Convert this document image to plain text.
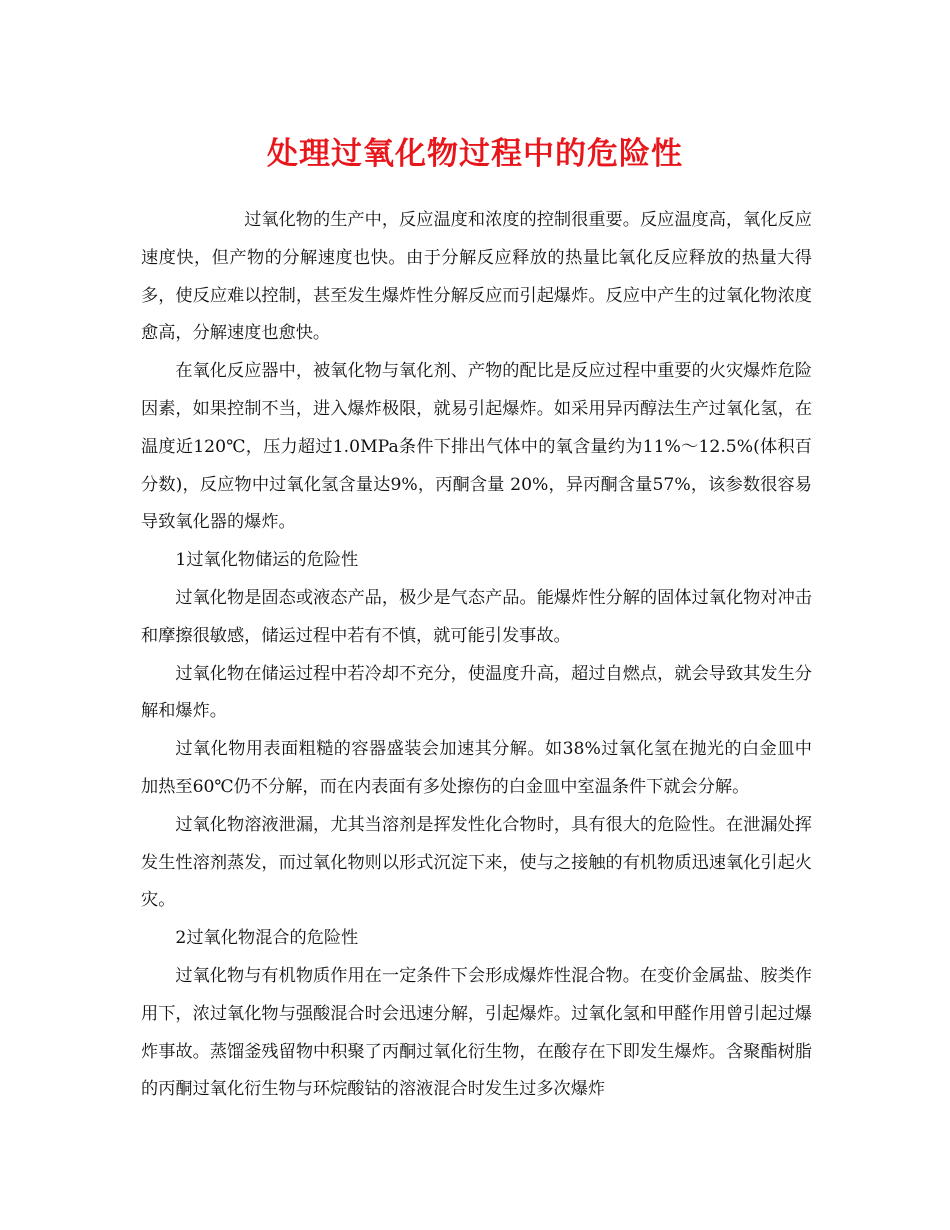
处理过氧化物过程中的危险性

过氧化物的生产中，反应温度和浓度的控制很重要。反应温度高，氧化反应速度快，但产物的分解速度也快。由于分解反应释放的热量比氧化反应释放的热量大得多，使反应难以控制，甚至发生爆炸性分解反应而引起爆炸。反应中产生的过氧化物浓度愈高，分解速度也愈快。

在氧化反应器中，被氧化物与氧化剂、产物的配比是反应过程中重要的火灾爆炸危险因素，如果控制不当，进入爆炸极限，就易引起爆炸。如采用异丙醇法生产过氧化氢，在温度近120℃，压力超过1.0MPa条件下排出气体中的氧含量约为11%～12.5%(体积百分数)，反应物中过氧化氢含量达9%，丙酮含量 20%，异丙酮含量57%，该参数很容易导致氧化器的爆炸。

1过氧化物储运的危险性

过氧化物是固态或液态产品，极少是气态产品。能爆炸性分解的固体过氧化物对冲击和摩擦很敏感，储运过程中若有不慎，就可能引发事故。

过氧化物在储运过程中若冷却不充分，使温度升高，超过自燃点，就会导致其发生分解和爆炸。

过氧化物用表面粗糙的容器盛装会加速其分解。如38%过氧化氢在抛光的白金皿中加热至60℃仍不分解，而在内表面有多处擦伤的白金皿中室温条件下就会分解。

过氧化物溶液泄漏，尤其当溶剂是挥发性化合物时，具有很大的危险性。在泄漏处挥发生性溶剂蒸发，而过氧化物则以形式沉淀下来，使与之接触的有机物质迅速氧化引起火灾。

2过氧化物混合的危险性

过氧化物与有机物质作用在一定条件下会形成爆炸性混合物。在变价金属盐、胺类作用下，浓过氧化物与强酸混合时会迅速分解，引起爆炸。过氧化氢和甲醛作用曾引起过爆炸事故。蒸馏釜残留物中积聚了丙酮过氧化衍生物，在酸存在下即发生爆炸。含聚酯树脂的丙酮过氧化衍生物与环烷酸钴的溶液混合时发生过多次爆炸
